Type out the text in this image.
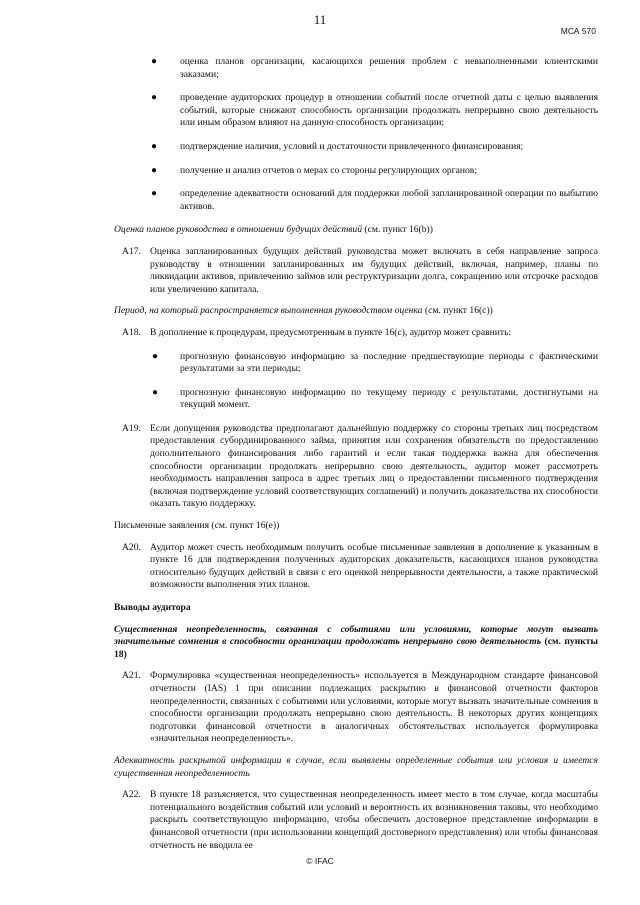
11
МСА 570
● оценка планов организации, касающихся решения проблем с невыполненными клиентскими заказами;
● проведение аудиторских процедур в отношении событий после отчетной даты с целью выявления событий, которые снижают способность организации продолжать непрерывно свою деятельность или иным образом влияют на данную способность организации;
● подтверждение наличия, условий и достаточности привлеченного финансирования;
● получение и анализ отчетов о мерах со стороны регулирующих органов;
● определение адекватности оснований для поддержки любой запланированной операции по выбытию активов.

Оценка планов руководства в отношении будущих действий (см. пункт 16(b))

A17. Оценка запланированных будущих действий руководства может включать в себя направление запроса руководству в отношении запланированных им будущих действий, включая, например, планы по ликвидации активов, привлечению займов или реструктуризации долга, сокращению или отсрочке расходов или увеличению капитала.

Период, на который распространяется выполненная руководством оценка (см. пункт 16(c))

A18. В дополнение к процедурам, предусмотренным в пункте 16(c), аудитор может сравнить:
● прогнозную финансовую информацию за последние предшествующие периоды с фактическими результатами за эти периоды;
● прогнозную финансовую информацию по текущему периоду с результатами, достигнутыми на текущий момент.
A19. Если допущения руководства предполагают дальнейшую поддержку со стороны третьих лиц посредством предоставления субординированного займа, принятия или сохранения обязательств по предоставлению дополнительного финансирования либо гарантий и если такая поддержка важна для обеспечения способности организации продолжать непрерывно свою деятельность, аудитор может рассмотреть необходимость направления запроса в адрес третьих лиц о предоставлении письменного подтверждения (включая подтверждение условий соответствующих соглашений) и получить доказательства их способности оказать такую поддержку.

Письменные заявления (см. пункт 16(e))

A20. Аудитор может счесть необходимым получить особые письменные заявления в дополнение к указанным в пункте 16 для подтверждения полученных аудиторских доказательств, касающихся планов руководства относительно будущих действий в связи с его оценкой непрерывности деятельности, а также практической возможности выполнения этих планов.

Выводы аудитора

Существенная неопределенность, связанная с событиями или условиями, которые могут вызвать значительные сомнения в способности организации продолжать непрерывно свою деятельность (см. пункты 18)

A21. Формулировка «существенная неопределенность» используется в Международном стандарте финансовой отчетности (IAS) 1 при описании подлежащих раскрытию в финансовой отчетности факторов неопределенности, связанных с событиями или условиями, которые могут вызвать значительные сомнения в способности организации продолжать непрерывно свою деятельность. В некоторых других концепциях подготовки финансовой отчетности в аналогичных обстоятельствах используется формулировка «значительная неопределенность».

Адекватность раскрытой информации в случае, если выявлены определенные события или условия и имеется существенная неопределенность

A22. В пункте 18 разъясняется, что существенная неопределенность имеет место в том случае, когда масштабы потенциального воздействия событий или условий и вероятность их возникновения таковы, что необходимо раскрыть соответствующую информацию, чтобы обеспечить достоверное представление информации в финансовой отчетности (при использовании концепций достоверного представления) или чтобы финансовая отчетность не вводила ее
© IFAC
